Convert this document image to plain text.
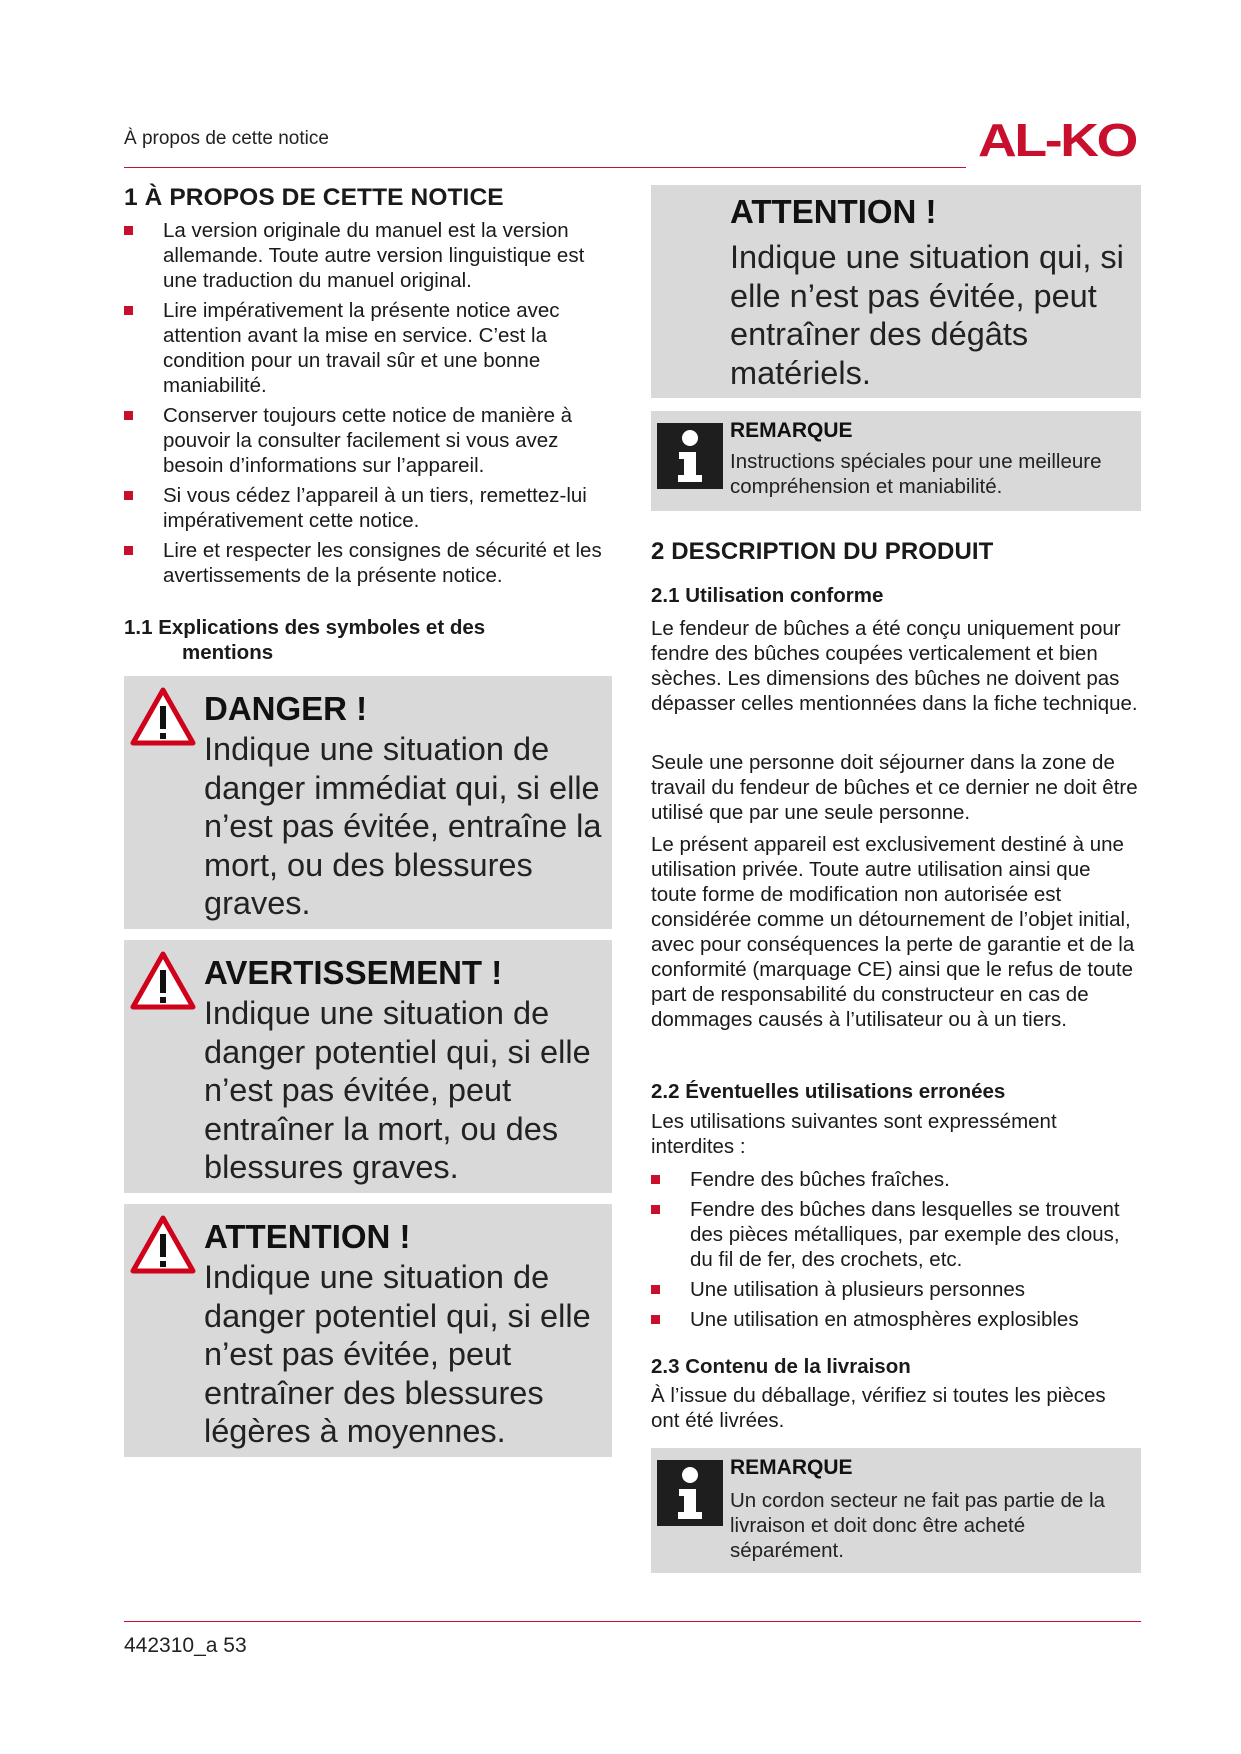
À propos de cette notice	AL-KO
1 À PROPOS DE CETTE NOTICE
La version originale du manuel est la version allemande. Toute autre version linguistique est une traduction du manuel original.
Lire impérativement la présente notice avec attention avant la mise en service. C’est la condition pour un travail sûr et une bonne maniabilité.
Conserver toujours cette notice de manière à pouvoir la consulter facilement si vous avez besoin d’informations sur l’appareil.
Si vous cédez l’appareil à un tiers, remettez-lui impérativement cette notice.
Lire et respecter les consignes de sécurité et les avertissements de la présente notice.
1.1 Explications des symboles et des
mentions
DANGER !
Indique une situation de danger immédiat qui, si elle n’est pas évitée, entraîne la mort, ou des blessures graves.
AVERTISSEMENT !
Indique une situation de danger potentiel qui, si elle n’est pas évitée, peut entraîner la mort, ou des blessures graves.
ATTENTION !
Indique une situation de danger potentiel qui, si elle n’est pas évitée, peut entraîner des blessures légères à moyennes.
ATTENTION !
Indique une situation qui, si elle n’est pas évitée, peut entraîner des dégâts matériels.
REMARQUE
Instructions spéciales pour une meilleure compréhension et maniabilité.
2 DESCRIPTION DU PRODUIT
2.1 Utilisation conforme

Le fendeur de bûches a été conçu uniquement pour fendre des bûches coupées verticalement et bien sèches. Les dimensions des bûches ne doivent pas dépasser celles mentionnées dans la fiche technique.

Seule une personne doit séjourner dans la zone de travail du fendeur de bûches et ce dernier ne doit être utilisé que par une seule personne.

Le présent appareil est exclusivement destiné à une utilisation privée. Toute autre utilisation ainsi que toute forme de modification non autorisée est considérée comme un détournement de l’objet initial, avec pour conséquences la perte de garantie et de la conformité (marquage CE) ainsi que le refus de toute part de responsabilité du constructeur en cas de dommages causés à l’utilisateur ou à un tiers.

2.2 Éventuelles utilisations erronées

Les utilisations suivantes sont expressément interdites :

Fendre des bûches fraîches.
Fendre des bûches dans lesquelles se trouvent des pièces métalliques, par exemple des clous, du fil de fer, des crochets, etc.
Une utilisation à plusieurs personnes
Une utilisation en atmosphères explosibles
2.3 Contenu de la livraison

À l’issue du déballage, vérifiez si toutes les pièces ont été livrées.

REMARQUE
Un cordon secteur ne fait pas partie de la livraison et doit donc être acheté séparément.
442310_a 53
